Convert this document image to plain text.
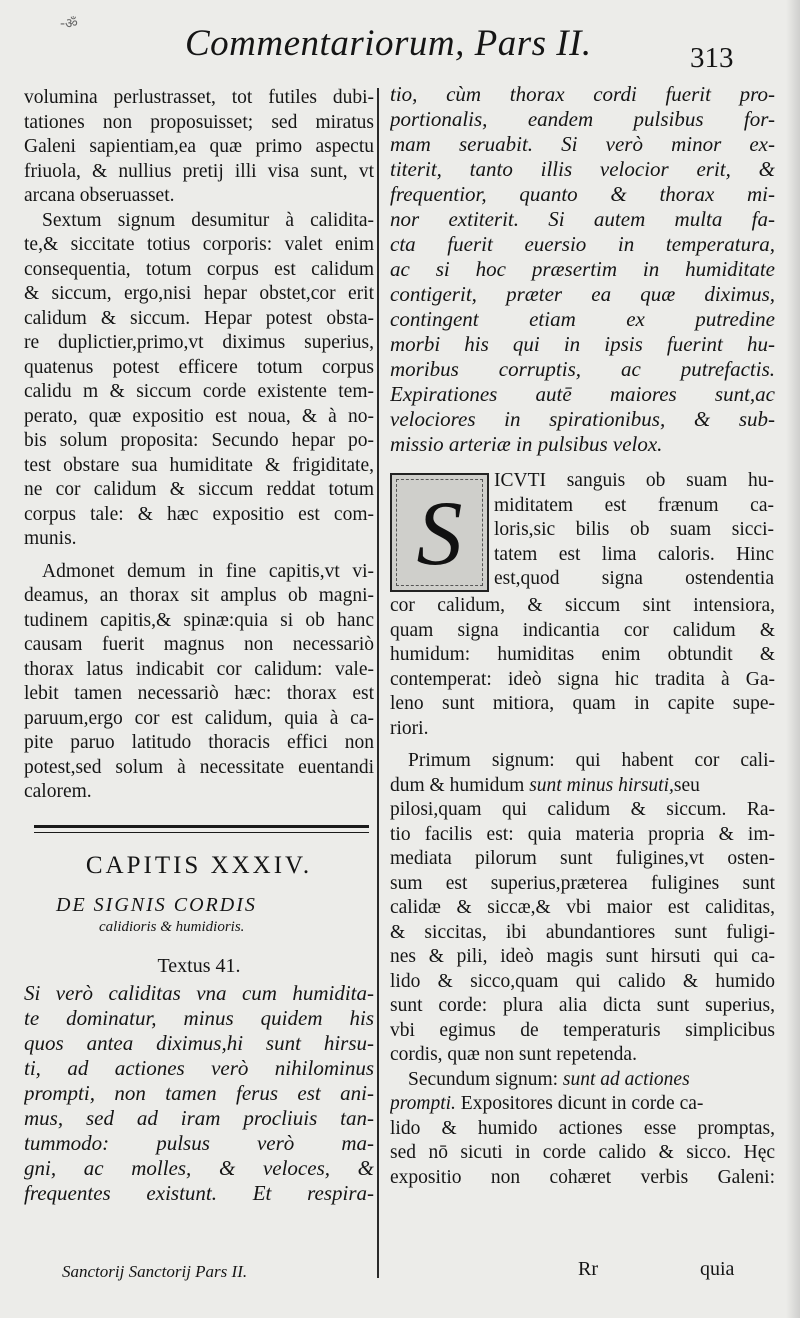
-ॐ	Commentariorum, Pars II.	313
volumina perlustrasset, tot futiles dubi-
tationes non proposuisset; sed miratus
Galeni sapientiam,ea quæ primo aspectu
friuola, & nullius pretij illi visa sunt, vt
arcana obseruasset.
Sextum signum desumitur à calidita-
te,& siccitate totius corporis: valet enim
consequentia, totum corpus est calidum
& siccum, ergo,nisi hepar obstet,cor erit
calidum & siccum. Hepar potest obsta-
re duplictier,primo,vt diximus superius,
quatenus potest efficere totum corpus
calidu m & siccum corde existente tem-
perato, quæ expositio est noua, & à no-
bis solum proposita: Secundo hepar po-
test obstare sua humiditate & frigiditate,
ne cor calidum & siccum reddat totum
corpus tale: & hæc expositio est com-
munis.
Admonet demum in fine capitis,vt vi-
deamus, an thorax sit amplus ob magni-
tudinem capitis,& spinæ:quia si ob hanc
causam fuerit magnus non necessariò
thorax latus indicabit cor calidum: vale-
lebit tamen necessariò hæc: thorax est
paruum,ergo cor est calidum, quia à ca-
pite paruo latitudo thoracis effici non
potest,sed solum à necessitate euentandi
calorem.
CAPITIS XXXIV.
DE SIGNIS CORDIS
calidioris & humidioris.
Textus 41.
Si verò caliditas vna cum humidita-
te dominatur, minus quidem his
quos antea diximus,hi sunt hirsu-
ti, ad actiones verò nihilominus
prompti, non tamen ferus est ani-
mus, sed ad iram procliuis tan-
tummodo: pulsus verò ma-
gni, ac molles, & veloces, &
frequentes existunt. Et respira-
tio, cùm thorax cordi fuerit pro-
portionalis, eandem pulsibus for-
mam seruabit. Si verò minor ex-
titerit, tanto illis velocior erit, &
frequentior, quanto & thorax mi-
nor extiterit. Si autem multa fa-
cta fuerit euersio in temperatura,
ac si hoc præsertim in humiditate
contigerit, præter ea quæ diximus,
contingent etiam ex putredine
morbi his qui in ipsis fuerint hu-
moribus corruptis, ac putrefactis.
Expirationes autē maiores sunt,ac
velociores in spirationibus, & sub-
missio arteriæ in pulsibus velox.
S
ICVTI sanguis ob suam hu-
miditatem est frænum ca-
loris,sic bilis ob suam sicci-
tatem est lima caloris. Hinc
est,quod signa ostendentia
cor calidum, & siccum sint intensiora,
quam signa indicantia cor calidum &
humidum: humiditas enim obtundit &
contemperat: ideò signa hic tradita à Ga-
leno sunt mitiora, quam in capite supe-
riori.
Primum signum: qui habent cor cali-
dum & humidum sunt minus hirsuti,seu
pilosi,quam qui calidum & siccum. Ra-
tio facilis est: quia materia propria & im-
mediata pilorum sunt fuligines,vt osten-
sum est superius,præterea fuligines sunt
calidæ & siccæ,& vbi maior est caliditas,
& siccitas, ibi abundantiores sunt fuligi-
nes & pili, ideò magis sunt hirsuti qui ca-
lido & sicco,quam qui calido & humido
sunt corde: plura alia dicta sunt superius,
vbi egimus de temperaturis simplicibus
cordis, quæ non sunt repetenda.
Secundum signum: sunt ad actiones
prompti. Expositores dicunt in corde ca-
lido & humido actiones esse promptas,
sed nō sicuti in corde calido & sicco. Hęc
expositio non cohæret verbis Galeni:
Sanctorij Sanctorij Pars II.	Rr	quia
